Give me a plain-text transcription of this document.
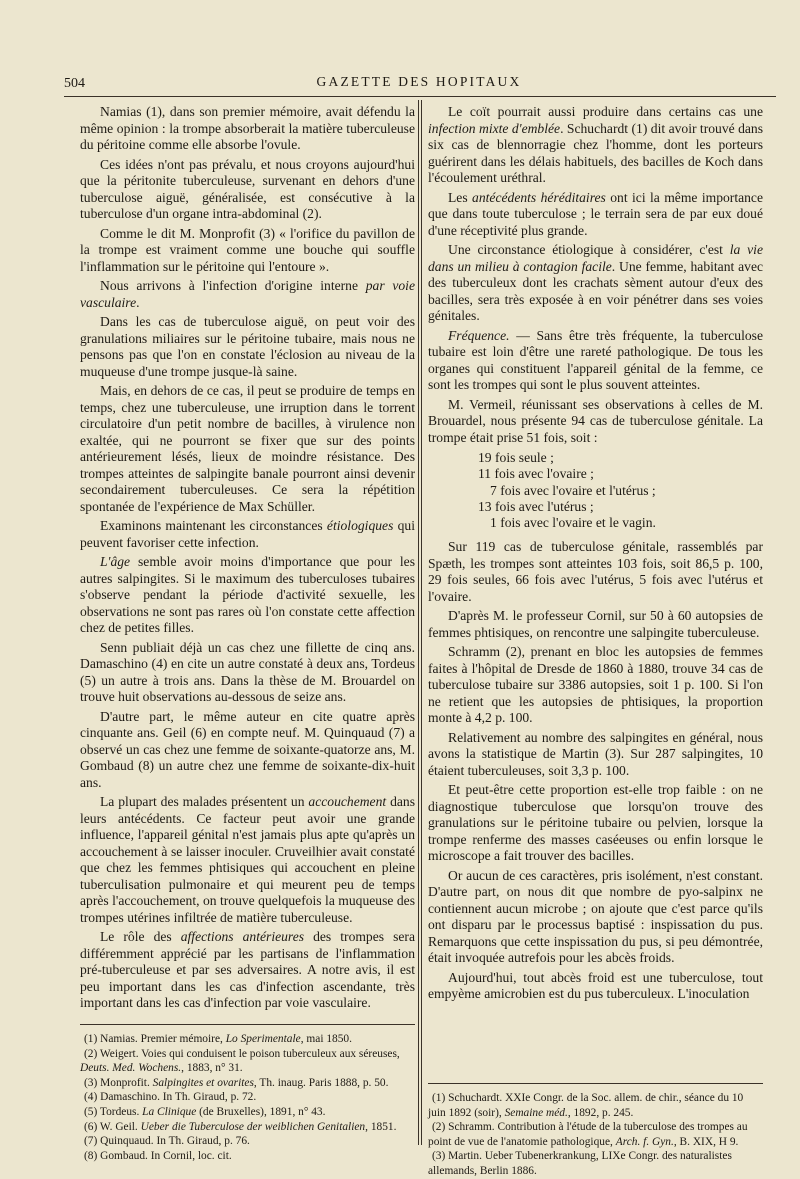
504	GAZETTE DES HOPITAUX

Namias (1), dans son premier mémoire, avait défendu la même opinion : la trompe absorberait la matière tuberculeuse du péritoine comme elle absorbe l'ovule.

Ces idées n'ont pas prévalu, et nous croyons aujourd'hui que la péritonite tuberculeuse, survenant en dehors d'une tuberculose aiguë, généralisée, est consécutive à la tuberculose d'un organe intra-abdominal (2).

Comme le dit M. Monprofit (3) « l'orifice du pavillon de la trompe est vraiment comme une bouche qui souffle l'inflammation sur le péritoine qui l'entoure ».

Nous arrivons à l'infection d'origine interne par voie vasculaire.

Dans les cas de tuberculose aiguë, on peut voir des granulations miliaires sur le péritoine tubaire, mais nous ne pensons pas que l'on en constate l'éclosion au niveau de la muqueuse d'une trompe jusque-là saine.

Mais, en dehors de ce cas, il peut se produire de temps en temps, chez une tuberculeuse, une irruption dans le torrent circulatoire d'un petit nombre de bacilles, à virulence non exaltée, qui ne pourront se fixer que sur des points antérieurement lésés, lieux de moindre résistance. Des trompes atteintes de salpingite banale pourront ainsi devenir secondairement tuberculeuses. Ce sera la répétition spontanée de l'expérience de Max Schüller.

Examinons maintenant les circonstances étiologiques qui peuvent favoriser cette infection.

L'âge semble avoir moins d'importance que pour les autres salpingites. Si le maximum des tuberculoses tubaires s'observe pendant la période d'activité sexuelle, les observations ne sont pas rares où l'on constate cette affection chez de petites filles.

Senn publiait déjà un cas chez une fillette de cinq ans. Damaschino (4) en cite un autre constaté à deux ans, Tordeus (5) un autre à trois ans. Dans la thèse de M. Brouardel on trouve huit observations au-dessous de seize ans.

D'autre part, le même auteur en cite quatre après cinquante ans. Geil (6) en compte neuf. M. Quinquaud (7) a observé un cas chez une femme de soixante-quatorze ans, M. Gombaud (8) un autre chez une femme de soixante-dix-huit ans.

La plupart des malades présentent un accouchement dans leurs antécédents. Ce facteur peut avoir une grande influence, l'appareil génital n'est jamais plus apte qu'après un accouchement à se laisser inoculer. Cruveilhier avait constaté que chez les femmes phtisiques qui accouchent en pleine tuberculisation pulmonaire et qui meurent peu de temps après l'accouchement, on trouve quelquefois la muqueuse des trompes utérines infiltrée de matière tuberculeuse.

Le rôle des affections antérieures des trompes sera différemment apprécié par les partisans de l'inflammation pré-tuberculeuse et par ses adversaires. A notre avis, il est peu important dans les cas d'infection ascendante, très important dans les cas d'infection par voie vasculaire.

Le coït pourrait aussi produire dans certains cas une infection mixte d'emblée. Schuchardt (1) dit avoir trouvé dans six cas de blennorragie chez l'homme, dont les porteurs guérirent dans les délais habituels, des bacilles de Koch dans l'écoulement uréthral.

Les antécédents héréditaires ont ici la même importance que dans toute tuberculose ; le terrain sera de par eux doué d'une réceptivité plus grande.

Une circonstance étiologique à considérer, c'est la vie dans un milieu à contagion facile. Une femme, habitant avec des tuberculeux dont les crachats sèment autour d'eux des bacilles, sera très exposée à en voir pénétrer dans ses voies génitales.

Fréquence. — Sans être très fréquente, la tuberculose tubaire est loin d'être une rareté pathologique. De tous les organes qui constituent l'appareil génital de la femme, ce sont les trompes qui sont le plus souvent atteintes.

M. Vermeil, réunissant ses observations à celles de M. Brouardel, nous présente 94 cas de tuberculose génitale. La trompe était prise 51 fois, soit :

19 fois seule ;
11 fois avec l'ovaire ;
7 fois avec l'ovaire et l'utérus ;
13 fois avec l'utérus ;
1 fois avec l'ovaire et le vagin.

Sur 119 cas de tuberculose génitale, rassemblés par Spæth, les trompes sont atteintes 103 fois, soit 86,5 p. 100, 29 fois seules, 66 fois avec l'utérus, 5 fois avec l'utérus et l'ovaire.

D'après M. le professeur Cornil, sur 50 à 60 autopsies de femmes phtisiques, on rencontre une salpingite tuberculeuse.

Schramm (2), prenant en bloc les autopsies de femmes faites à l'hôpital de Dresde de 1860 à 1880, trouve 34 cas de tuberculose tubaire sur 3386 autopsies, soit 1 p. 100. Si l'on ne retient que les autopsies de phtisiques, la proportion monte à 4,2 p. 100.

Relativement au nombre des salpingites en général, nous avons la statistique de Martin (3). Sur 287 salpingites, 10 étaient tuberculeuses, soit 3,3 p. 100.

Et peut-être cette proportion est-elle trop faible : on ne diagnostique tuberculose que lorsqu'on trouve des granulations sur le péritoine tubaire ou pelvien, lorsque la trompe renferme des masses caséeuses ou enfin lorsque le microscope a fait trouver des bacilles.

Or aucun de ces caractères, pris isolément, n'est constant. D'autre part, on nous dit que nombre de pyo-salpinx ne contiennent aucun microbe ; on ajoute que c'est parce qu'ils ont disparu par le processus baptisé : inspissation du pus. Remarquons que cette inspissation du pus, si peu démontrée, était invoquée autrefois pour les abcès froids.

Aujourd'hui, tout abcès froid est une tuberculose, tout empyème amicrobien est du pus tuberculeux. L'inoculation

(1) Namias. Premier mémoire, Lo Sperimentale, mai 1850.
(2) Weigert. Voies qui conduisent le poison tuberculeux aux séreuses, Deuts. Med. Wochens., 1883, n° 31.
(3) Monprofit. Salpingites et ovarites, Th. inaug. Paris 1888, p. 50.
(4) Damaschino. In Th. Giraud, p. 72.
(5) Tordeus. La Clinique (de Bruxelles), 1891, n° 43.
(6) W. Geil. Ueber die Tuberculose der weiblichen Genitalien, 1851.
(7) Quinquaud. In Th. Giraud, p. 76.
(8) Gombaud. In Cornil, loc. cit.
(1) Schuchardt. XXIe Congr. de la Soc. allem. de chir., séance du 10 juin 1892 (soir), Semaine méd., 1892, p. 245.
(2) Schramm. Contribution à l'étude de la tuberculose des trompes au point de vue de l'anatomie pathologique, Arch. f. Gyn., B. XIX, H 9.
(3) Martin. Ueber Tubenerkrankung, LIXe Congr. des naturalistes allemands, Berlin 1886.
